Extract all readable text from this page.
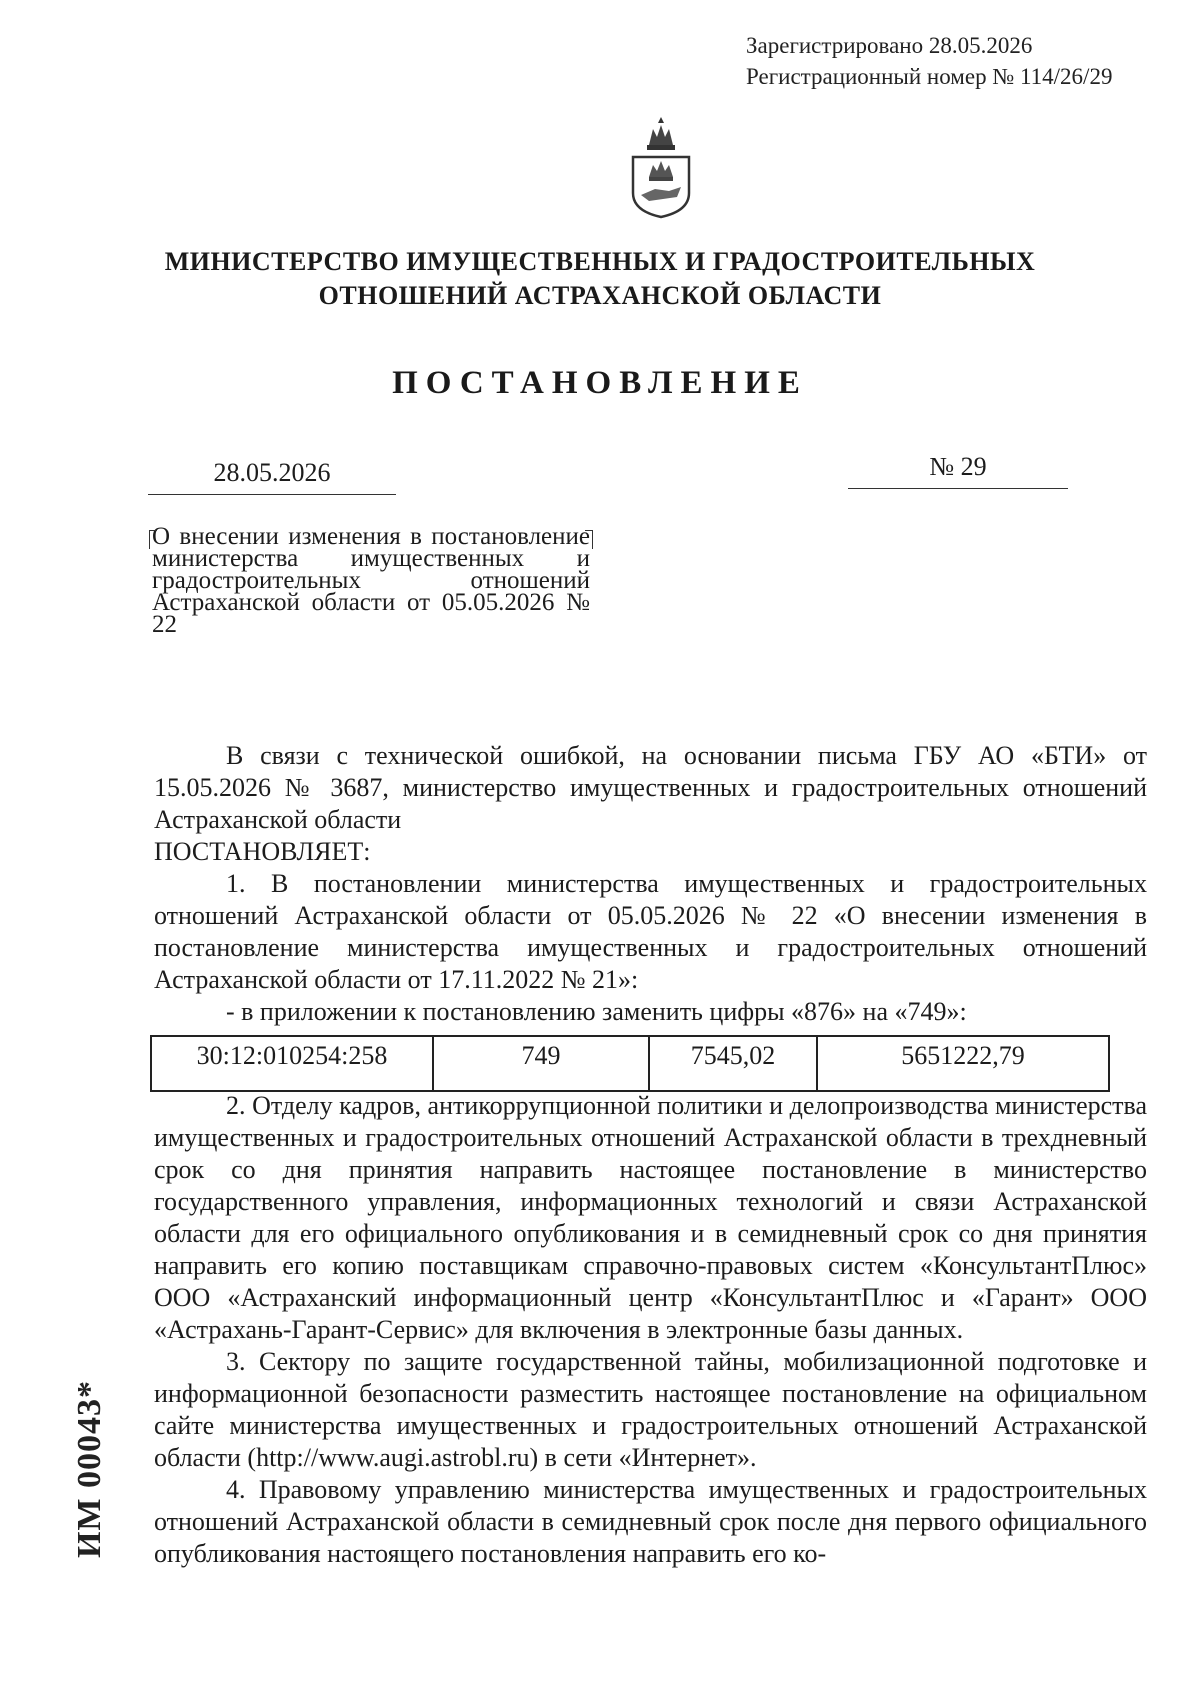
Зарегистрировано 28.05.2026
Регистрационный номер № 114/26/29
МИНИСТЕРСТВО ИМУЩЕСТВЕННЫХ И ГРАДОСТРОИТЕЛЬНЫХ
ОТНОШЕНИЙ АСТРАХАНСКОЙ ОБЛАСТИ
ПОСТАНОВЛЕНИЕ
28.05.2026	№ 29
О внесении изменения в постановление министерства имущественных и градостроительных отношений Астраханской области от 05.05.2026 № 22

В связи с технической ошибкой, на основании письма ГБУ АО «БТИ» от 15.05.2026 № 3687, министерство имущественных и градостроительных отношений Астраханской области

ПОСТАНОВЛЯЕТ:

1. В постановлении министерства имущественных и градостроительных отношений Астраханской области от 05.05.2026 № 22 «О внесении изменения в постановление министерства имущественных и градостроительных отношений Астраханской области от 17.11.2022 № 21»:

- в приложении к постановлению заменить цифры «876» на «749»:

30:12:010254:258	749	7545,02	5651222,79

2. Отделу кадров, антикоррупционной политики и делопроизводства министерства имущественных и градостроительных отношений Астраханской области в трехдневный срок со дня принятия направить настоящее постановление в министерство государственного управления, информационных технологий и связи Астраханской области для его официального опубликования и в семидневный срок со дня принятия направить его копию поставщикам справочно-правовых систем «КонсультантПлюс» ООО «Астраханский информационный центр «КонсультантПлюс и «Гарант» ООО «Астрахань-Гарант-Сервис» для включения в электронные базы данных.

3. Сектору по защите государственной тайны, мобилизационной подготовке и информационной безопасности разместить настоящее постановление на официальном сайте министерства имущественных и градостроительных отношений Астраханской области (http://www.augi.astrobl.ru) в сети «Интернет».

4. Правовому управлению министерства имущественных и градостроительных отношений Астраханской области в семидневный срок после дня первого официального опубликования настоящего постановления направить его ко-

ИМ 00043*
